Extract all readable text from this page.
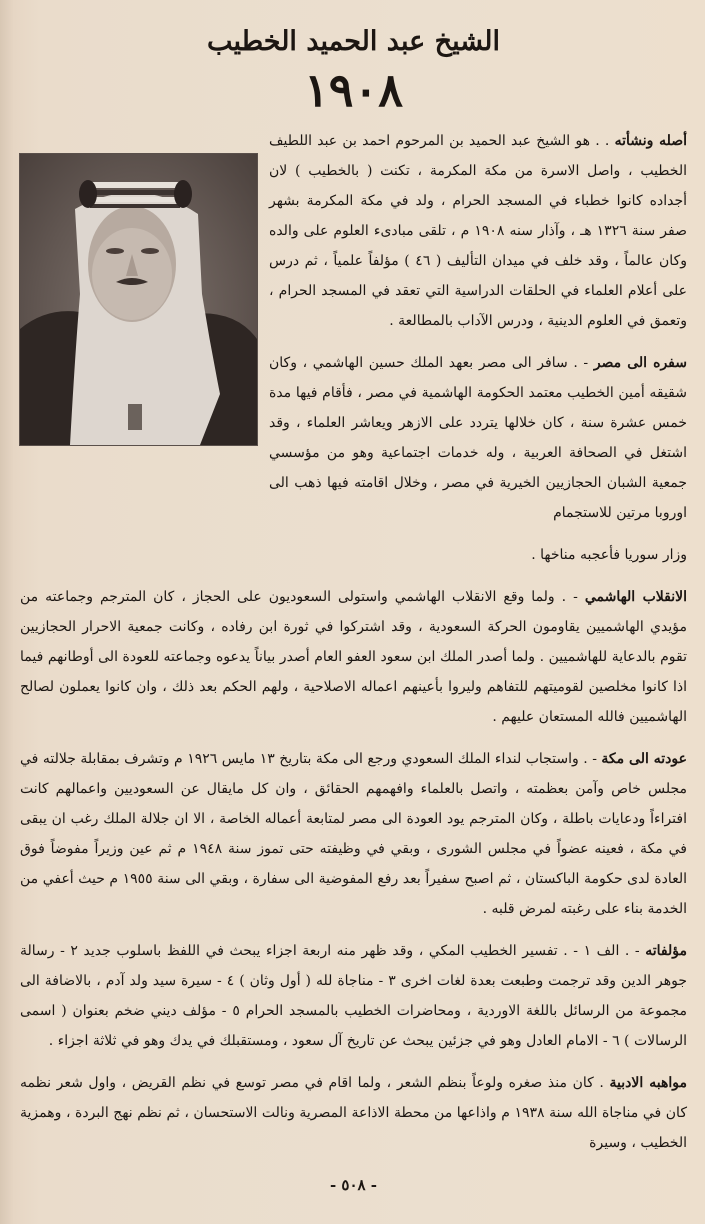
الشيخ عبد الحميد الخطيب
١٩٠٨

أصله ونشأته . . هو الشيخ عبد الحميد بن المرحوم احمد بن عبد اللطيف الخطيب ، واصل الاسرة من مكة المكرمة ، تكنت ( بالخطيب ) لان أجداده كانوا خطباء في المسجد الحرام ، ولد في مكة المكرمة بشهر صفر سنة ١٣٢٦ هـ ، وآذار سنه ١٩٠٨ م ، تلقى مبادىء العلوم على والده وكان عالماً ، وقد خلف في ميدان التأليف ( ٤٦ ) مؤلفاً علمياً ، ثم درس على أعلام العلماء في الحلقات الدراسية التي تعقد في المسجد الحرام ، وتعمق في العلوم الدينية ، ودرس الآداب بالمطالعة .

سفره الى مصر - . سافر الى مصر بعهد الملك حسين الهاشمي ، وكان شقيقه أمين الخطيب معتمد الحكومة الهاشمية في مصر ، فأقام فيها مدة خمس عشرة سنة ، كان خلالها يتردد على الازهر ويعاشر العلماء ، وقد اشتغل في الصحافة العربية ، وله خدمات اجتماعية وهو من مؤسسي جمعية الشبان الحجازيين الخيرية في مصر ، وخلال اقامته فيها ذهب الى اوروبا مرتين للاستجمام

وزار سوريا فأعجبه مناخها .

الانقلاب الهاشمي - . ولما وقع الانقلاب الهاشمي واستولى السعوديون على الحجاز ، كان المترجم وجماعته من مؤيدي الهاشميين يقاومون الحركة السعودية ، وقد اشتركوا في ثورة ابن رفاده ، وكانت جمعية الاحرار الحجازيين تقوم بالدعاية للهاشميين . ولما أصدر الملك ابن سعود العفو العام أصدر بياناً يدعوه وجماعته للعودة الى أوطانهم فيما اذا كانوا مخلصين لقوميتهم للتفاهم وليروا بأعينهم اعماله الاصلاحية ، ولهم الحكم بعد ذلك ، وان كانوا يعملون لصالح الهاشميين فالله المستعان عليهم .

عودته الى مكة - . واستجاب لنداء الملك السعودي ورجع الى مكة بتاريخ ١٣ مايس ١٩٢٦ م وتشرف بمقابلة جلالته في مجلس خاص وآمن بعظمته ، واتصل بالعلماء وافهمهم الحقائق ، وان كل مايقال عن السعوديين واعمالهم كانت افتراءاً ودعايات باطلة ، وكان المترجم يود العودة الى مصر لمتابعة أعماله الخاصة ، الا ان جلالة الملك رغب ان يبقى في مكة ، فعينه عضواً في مجلس الشورى ، وبقي في وظيفته حتى تموز سنة ١٩٤٨ م ثم عين وزيراً مفوضاً فوق العادة لدى حكومة الباكستان ، ثم اصبح سفيراً بعد رفع المفوضية الى سفارة ، وبقي الى سنة ١٩٥٥ م حيث أعفي من الخدمة بناء على رغبته لمرض قلبه .

مؤلفاته - . الف ١ - . تفسير الخطيب المكي ، وقد ظهر منه اربعة اجزاء يبحث في اللفظ باسلوب جديد ٢ - رسالة جوهر الدين وقد ترجمت وطبعت بعدة لغات اخرى ٣ - مناجاة لله ( أول وثان ) ٤ - سيرة سيد ولد آدم ، بالاضافة الى مجموعة من الرسائل باللغة الاوردية ، ومحاضرات الخطيب بالمسجد الحرام ٥ - مؤلف ديني ضخم بعنوان ( اسمى الرسالات ) ٦ - الامام العادل وهو في جزئين يبحث عن تاريخ آل سعود ، ومستقبلك في يدك وهو في ثلاثة اجزاء .

مواهبه الادبية . كان منذ صغره ولوعاً بنظم الشعر ، ولما اقام في مصر توسع في نظم القريض ، واول شعر نظمه كان في مناجاة الله سنة ١٩٣٨ م واذاعها من محطة الاذاعة المصرية ونالت الاستحسان ، ثم نظم نهج البردة ، وهمزية الخطيب ، وسيرة

- ٥٠٨ -
